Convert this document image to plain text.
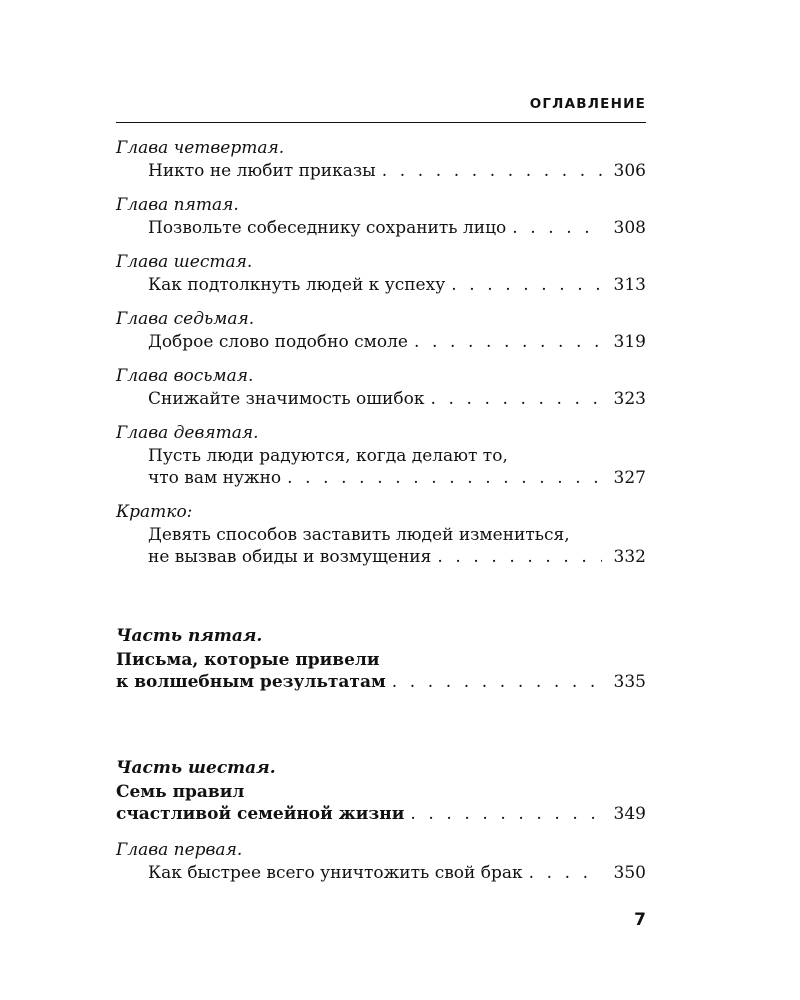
ОГЛАВЛЕНИЕ
Глава четвертая.
Никто не любит приказы . . .	306
Глава пятая.
Позвольте собеседнику сохранить лицо . . .	308
Глава шестая.
Как подтолкнуть людей к успеху . . .	313
Глава седьмая.
Доброе слово подобно смоле . . .	319
Глава восьмая.
Снижайте значимость ошибок . . .	323
Глава девятая.
Пусть люди радуются, когда делают то,
что вам нужно . . .	327
Кратко:
Девять способов заставить людей измениться,
не вызвав обиды и возмущения . . .	332
Часть пятая.
Письма, которые привели
к волшебным результатам . . .	335
Часть шестая.
Семь правил
счастливой семейной жизни . . .	349
Глава первая.
Как быстрее всего уничтожить свой брак . . .	350
7
